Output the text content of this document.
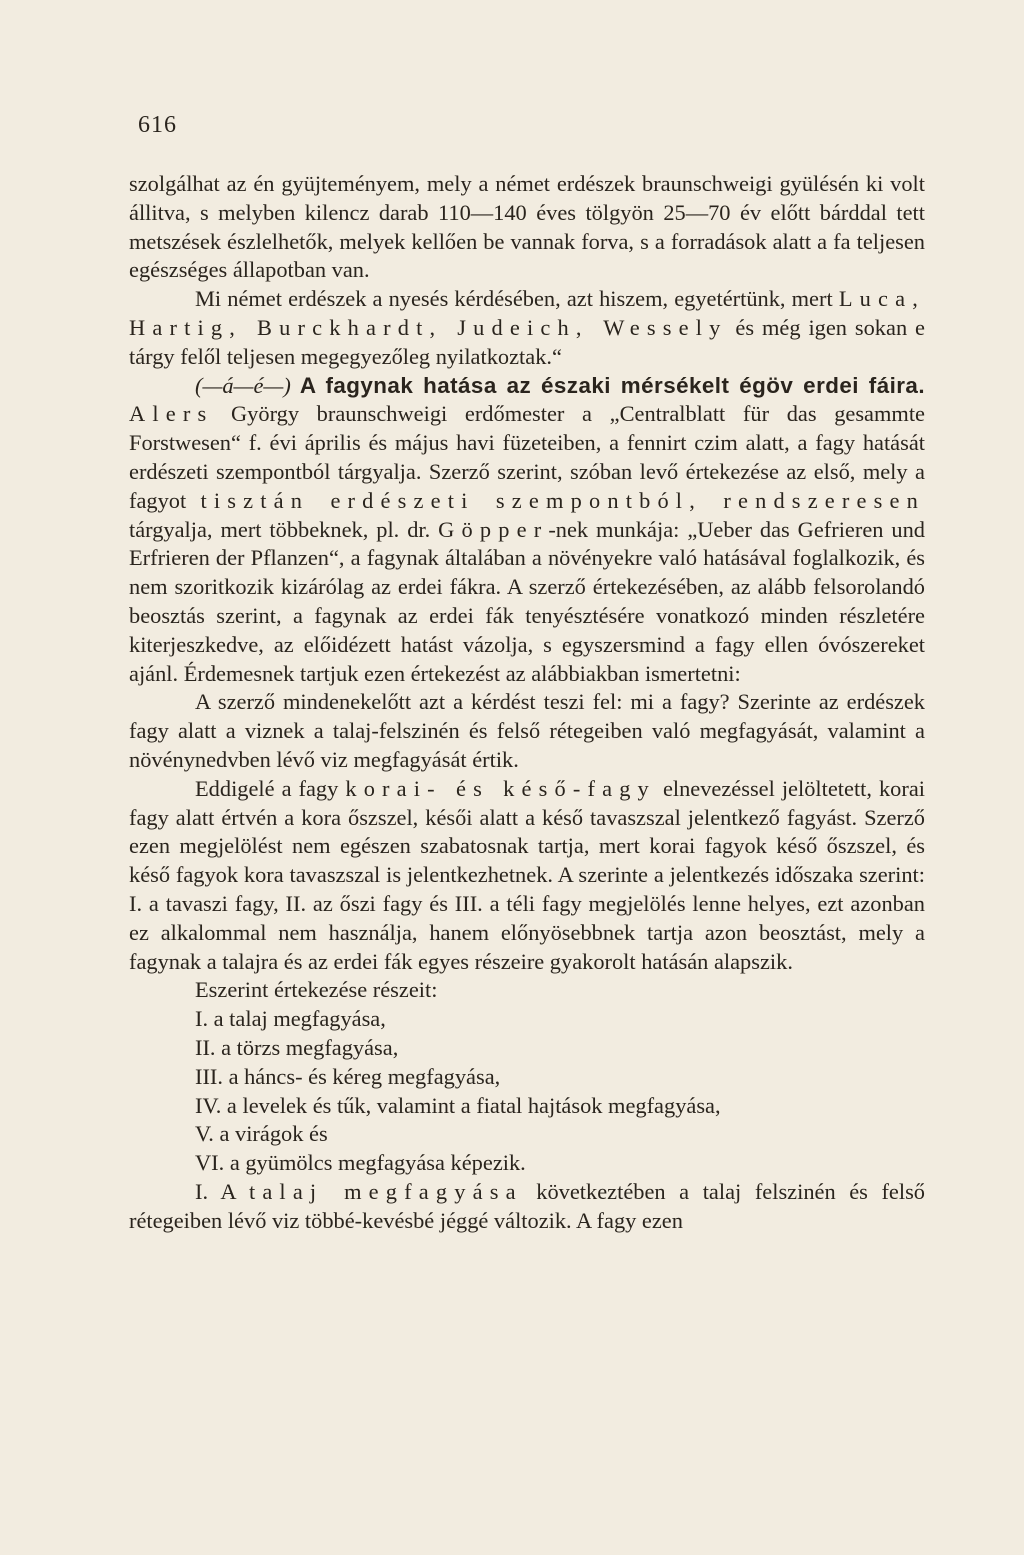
616

szolgálhat az én gyüjteményem, mely a német erdészek braunschweigi gyülésén ki volt állitva, s melyben kilencz darab 110—140 éves tölgyön 25—70 év előtt bárddal tett metszések észlelhetők, melyek kellően be vannak forva, s a forradások alatt a fa teljesen egészséges állapotban van.

Mi német erdészek a nyesés kérdésében, azt hiszem, egyetértünk, mert Luca, Hartig, Burckhardt, Judeich, Wessely és még igen sokan e tárgy felől teljesen megegyezőleg nyilatkoztak.“

(—á—é—) A fagynak hatása az északi mérsékelt égöv erdei fáira. Alers György braunschweigi erdőmester a „Centralblatt für das gesammte Forstwesen“ f. évi április és május havi füzeteiben, a fennirt czim alatt, a fagy hatását erdészeti szempontból tárgyalja. Szerző szerint, szóban levő értekezése az első, mely a fagyot tisztán erdészeti szempontból, rendszeresen tárgyalja, mert többeknek, pl. dr. Göpper-nek munkája: „Ueber das Gefrieren und Erfrieren der Pflanzen“, a fagynak általában a növényekre való hatásával foglalkozik, és nem szoritkozik kizárólag az erdei fákra. A szerző értekezésében, az alább felsorolandó beosztás szerint, a fagynak az erdei fák tenyésztésére vonatkozó minden részletére kiterjeszkedve, az előidézett hatást vázolja, s egyszersmind a fagy ellen óvószereket ajánl. Érdemesnek tartjuk ezen értekezést az alábbiakban ismertetni:

A szerző mindenekelőtt azt a kérdést teszi fel: mi a fagy? Szerinte az erdészek fagy alatt a viznek a talaj-felszinén és felső rétegeiben való megfagyását, valamint a növénynedvben lévő viz megfagyását értik.

Eddigelé a fagy korai- és késő-fagy elnevezéssel jelöltetett, korai fagy alatt értvén a kora őszszel, késői alatt a késő tavaszszal jelentkező fagyást. Szerző ezen megjelölést nem egészen szabatosnak tartja, mert korai fagyok késő őszszel, és késő fagyok kora tavaszszal is jelentkezhetnek. A szerinte a jelentkezés időszaka szerint: I. a tavaszi fagy, II. az őszi fagy és III. a téli fagy megjelölés lenne helyes, ezt azonban ez alkalommal nem használja, hanem előnyösebbnek tartja azon beosztást, mely a fagynak a talajra és az erdei fák egyes részeire gyakorolt hatásán alapszik.

Eszerint értekezése részeit:

I. a talaj megfagyása,
II. a törzs megfagyása,
III. a háncs- és kéreg megfagyása,
IV. a levelek és tűk, valamint a fiatal hajtások megfagyása,
V. a virágok és
VI. a gyümölcs megfagyása képezik.

I. A talaj megfagyása következtében a talaj felszinén és felső rétegeiben lévő viz többé-kevésbé jéggé változik. A fagy ezen
